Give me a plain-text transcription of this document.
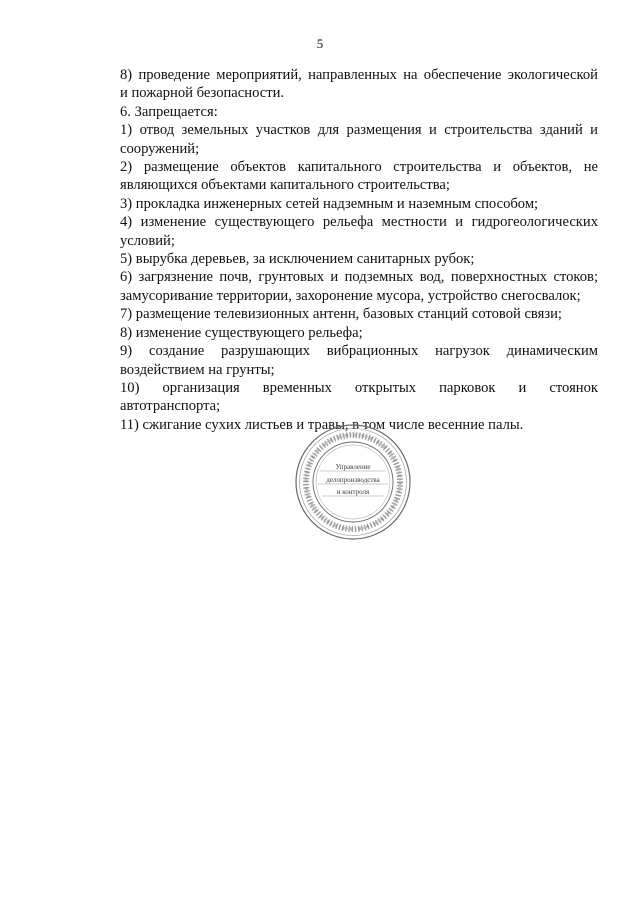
5

8) проведение мероприятий, направленных на обеспечение экологической
и пожарной безопасности.

6. Запрещается:

1) отвод земельных участков для размещения и строительства зданий и
сооружений;

2) размещение объектов капитального строительства и объектов, не
являющихся объектами капитального строительства;

3) прокладка инженерных сетей надземным и наземным способом;

4) изменение существующего рельефа местности и гидрогеологических
условий;

5) вырубка деревьев, за исключением санитарных рубок;

6) загрязнение почв, грунтовых и подземных вод, поверхностных стоков;
замусоривание территории, захоронение мусора, устройство снегосвалок;

7) размещение телевизионных антенн, базовых станций сотовой связи;

8) изменение существующего рельефа;

9) создание разрушающих вибрационных нагрузок динамическим
воздействием на грунты;

10) организация временных открытых парковок и стоянок
автотранспорта;

11) сжигание сухих листьев и травы, в том числе весенние палы.

Управление
делопроизводства
и контроля
